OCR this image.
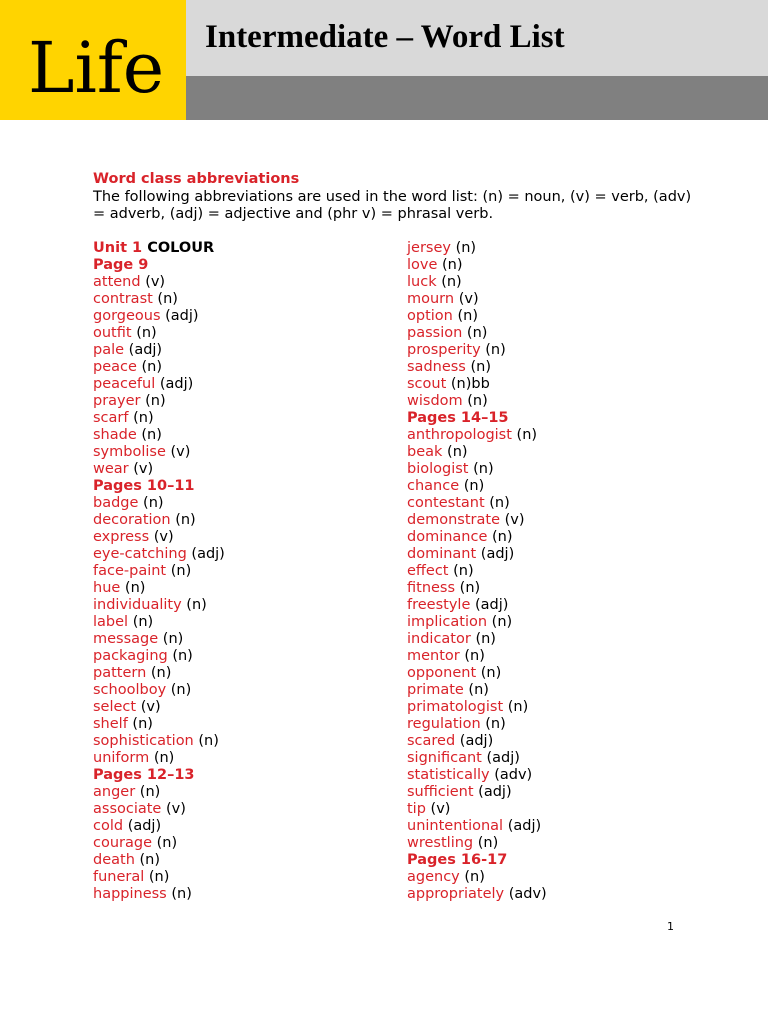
Life Intermediate – Word List
Word class abbreviations
The following abbreviations are used in the word list: (n) = noun, (v) = verb, (adv) = adverb, (adj) = adjective and (phr v) = phrasal verb.
Unit 1 COLOUR
Page 9
attend (v)
contrast (n)
gorgeous (adj)
outfit (n)
pale (adj)
peace (n)
peaceful (adj)
prayer (n)
scarf (n)
shade (n)
symbolise (v)
wear (v)
Pages 10–11
badge (n)
decoration (n)
express (v)
eye-catching (adj)
face-paint (n)
hue (n)
individuality (n)
label (n)
message (n)
packaging (n)
pattern (n)
schoolboy (n)
select (v)
shelf (n)
sophistication (n)
uniform (n)
Pages 12–13
anger (n)
associate (v)
cold (adj)
courage (n)
death (n)
funeral (n)
happiness (n)
jersey (n)
love (n)
luck (n)
mourn (v)
option (n)
passion (n)
prosperity (n)
sadness (n)
scout (n)bb
wisdom (n)
Pages 14–15
anthropologist (n)
beak (n)
biologist (n)
chance (n)
contestant (n)
demonstrate (v)
dominance (n)
dominant (adj)
effect (n)
fitness (n)
freestyle (adj)
implication (n)
indicator (n)
mentor (n)
opponent (n)
primate (n)
primatologist (n)
regulation (n)
scared (adj)
significant (adj)
statistically (adv)
sufficient (adj)
tip (v)
unintentional (adj)
wrestling (n)
Pages 16-17
agency (n)
appropriately (adv)
1
